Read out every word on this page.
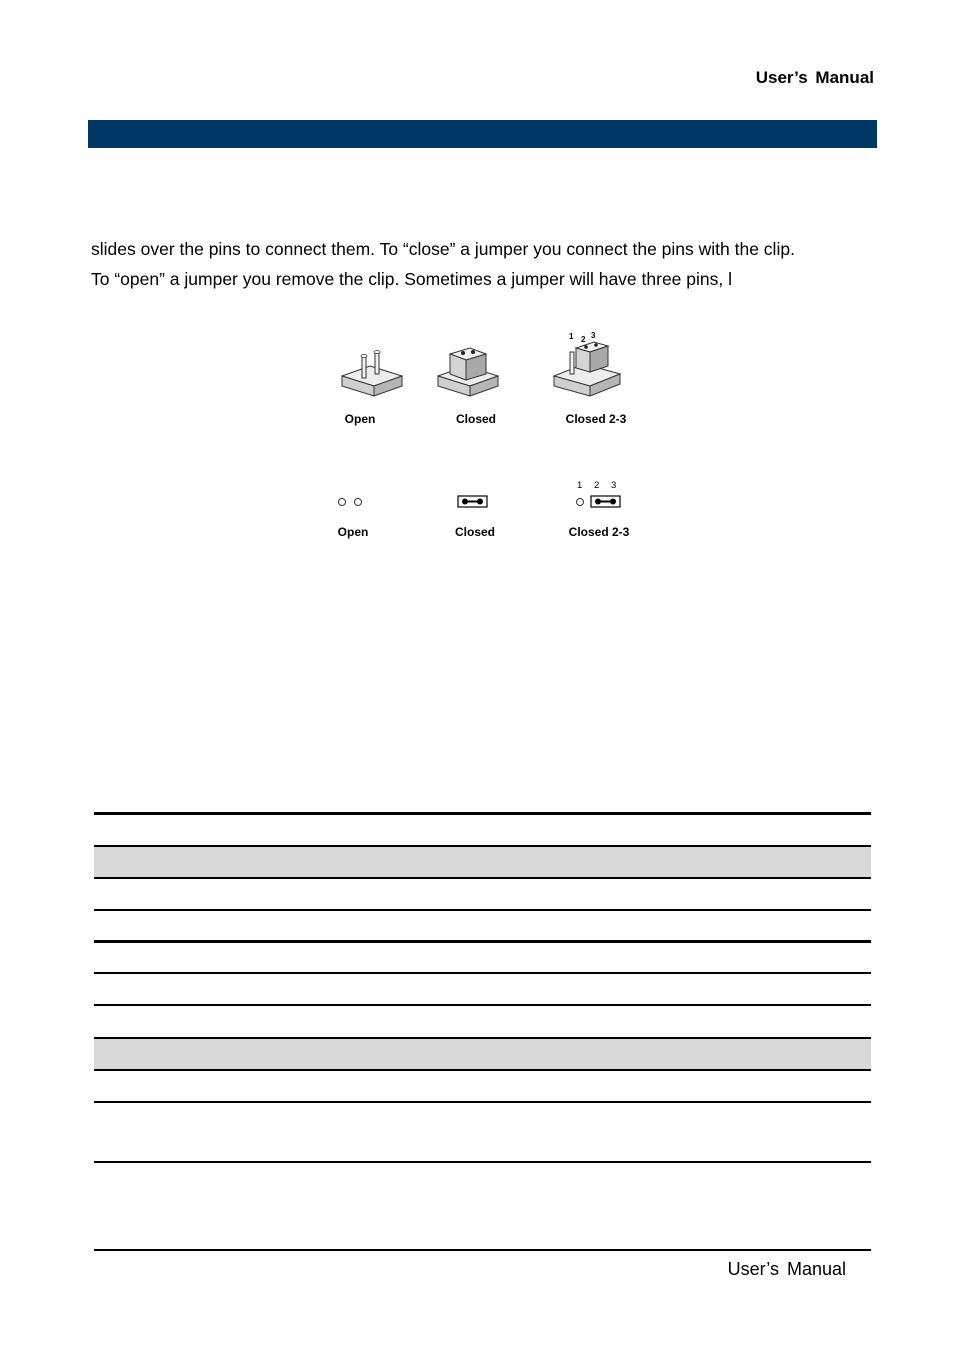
User’s Manual
slides over the pins to connect them. To “close” a jumper you connect the pins with the clip.
To “open” a jumper you remove the clip. Sometimes a jumper will have three pins, l
1 2 3
Open	Closed	Closed 2-3
1 2 3
Open	Closed	Closed 2-3
User’s Manual
